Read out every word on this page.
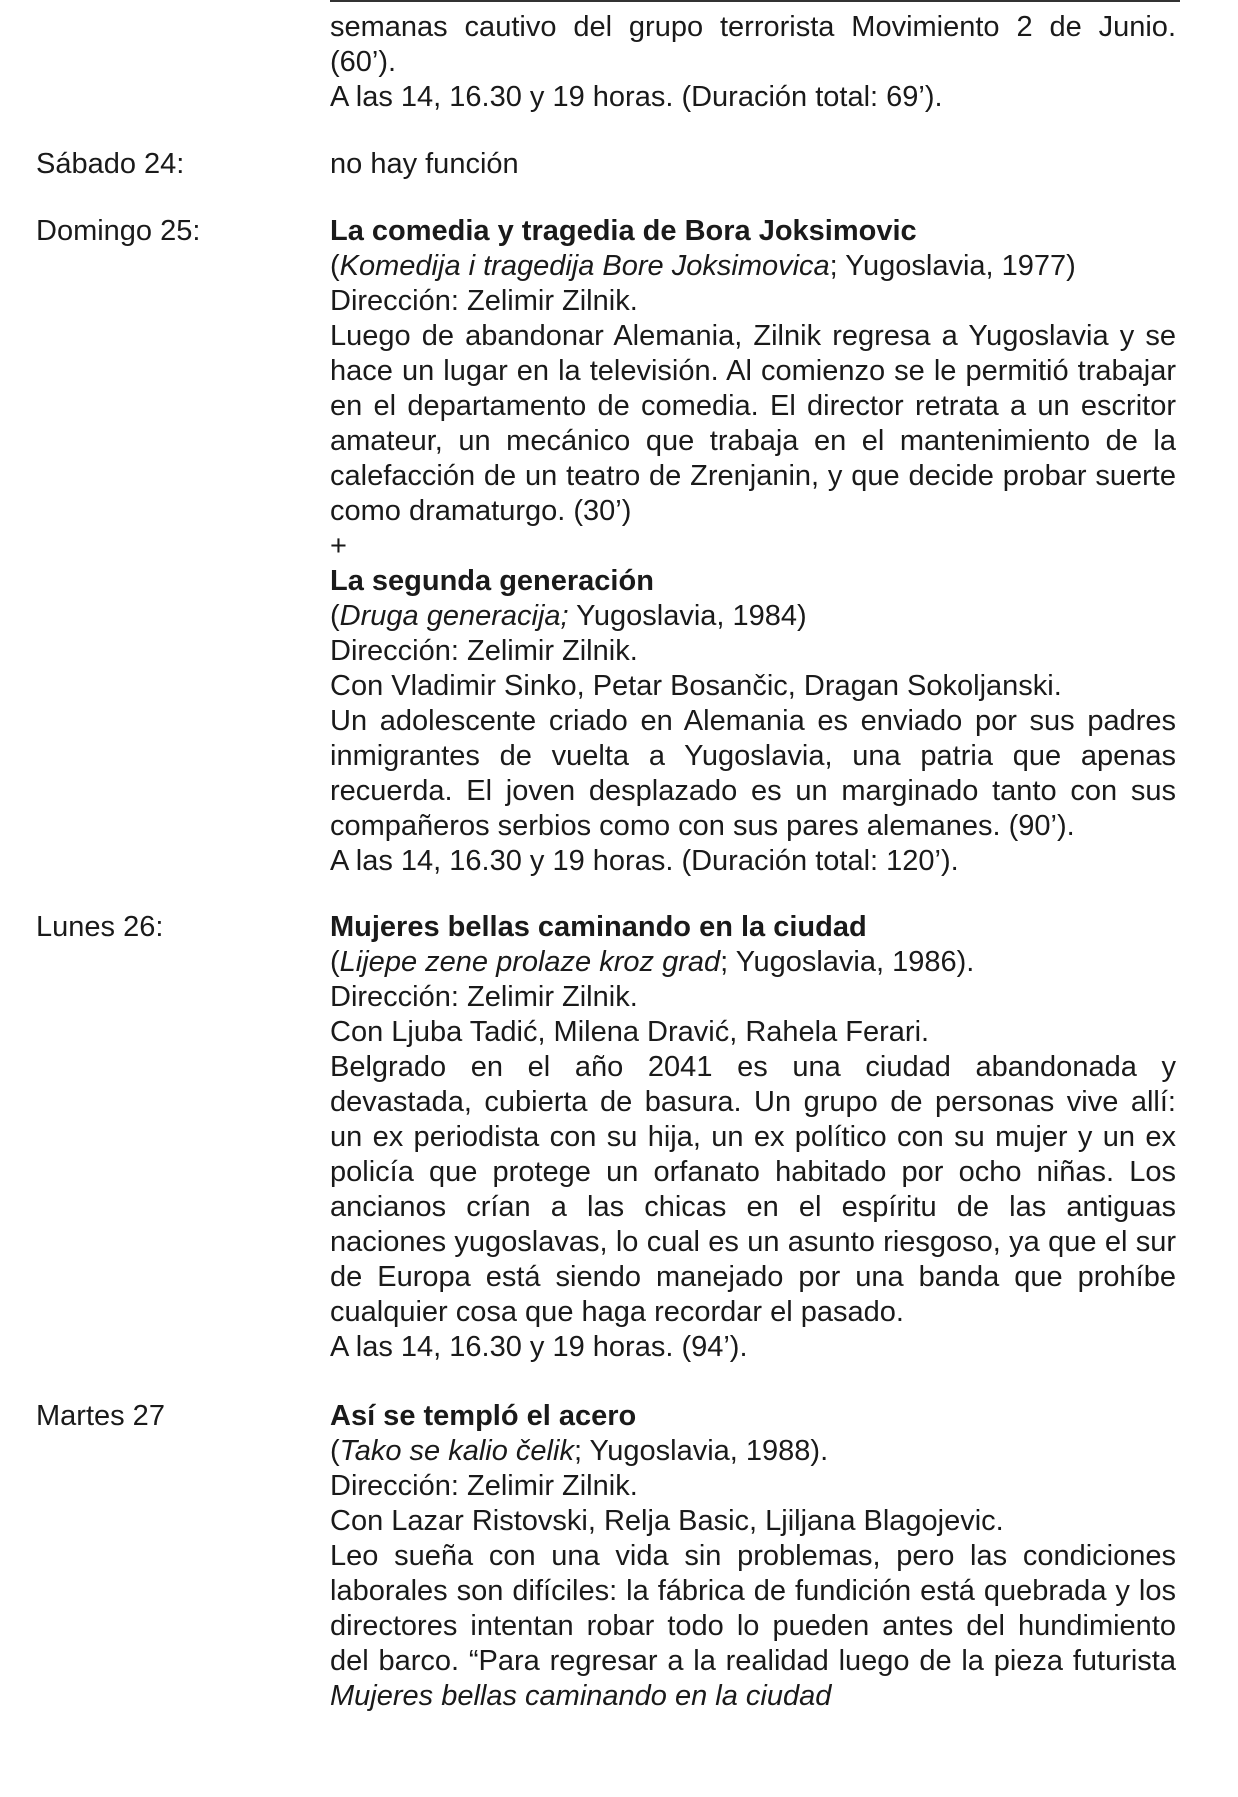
semanas cautivo del grupo terrorista Movimiento 2 de Junio. (60’).

A las 14, 16.30 y 19 horas. (Duración total: 69’).

Sábado 24:	no hay función

Domingo 25:	La comedia y tragedia de Bora Joksimovic

(Komedija i tragedija Bore Joksimovica; Yugoslavia, 1977)

Dirección: Zelimir Zilnik.

Luego de abandonar Alemania, Zilnik regresa a Yugoslavia y se hace un lugar en la televisión. Al comienzo se le permitió trabajar en el departamento de comedia. El director retrata a un escritor amateur, un mecánico que trabaja en el mantenimiento de la calefacción de un teatro de Zrenjanin, y que decide probar suerte como dramaturgo. (30’)

+

La segunda generación

(Druga generacija; Yugoslavia, 1984)

Dirección: Zelimir Zilnik.

Con Vladimir Sinko, Petar Bosančic, Dragan Sokoljanski.

Un adolescente criado en Alemania es enviado por sus padres inmigrantes de vuelta a Yugoslavia, una patria que apenas recuerda. El joven desplazado es un marginado tanto con sus compañeros serbios como con sus pares alemanes. (90’).

A las 14, 16.30 y 19 horas. (Duración total: 120’).

Lunes 26:	Mujeres bellas caminando en la ciudad

(Lijepe zene prolaze kroz grad; Yugoslavia, 1986).

Dirección: Zelimir Zilnik.

Con Ljuba Tadić, Milena Dravić, Rahela Ferari.

Belgrado en el año 2041 es una ciudad abandonada y devastada, cubierta de basura. Un grupo de personas vive allí: un ex periodista con su hija, un ex político con su mujer y un ex policía que protege un orfanato habitado por ocho niñas. Los ancianos crían a las chicas en el espíritu de las antiguas naciones yugoslavas, lo cual es un asunto riesgoso, ya que el sur de Europa está siendo manejado por una banda que prohíbe cualquier cosa que haga recordar el pasado.

A las 14, 16.30 y 19 horas. (94’).

Martes 27	Así se templó el acero

(Tako se kalio čelik; Yugoslavia, 1988).

Dirección: Zelimir Zilnik.

Con Lazar Ristovski, Relja Basic, Ljiljana Blagojevic.

Leo sueña con una vida sin problemas, pero las condiciones laborales son difíciles: la fábrica de fundición está quebrada y los directores intentan robar todo lo pueden antes del hundimiento del barco. “Para regresar a la realidad luego de la pieza futurista Mujeres bellas caminando en la ciudad
